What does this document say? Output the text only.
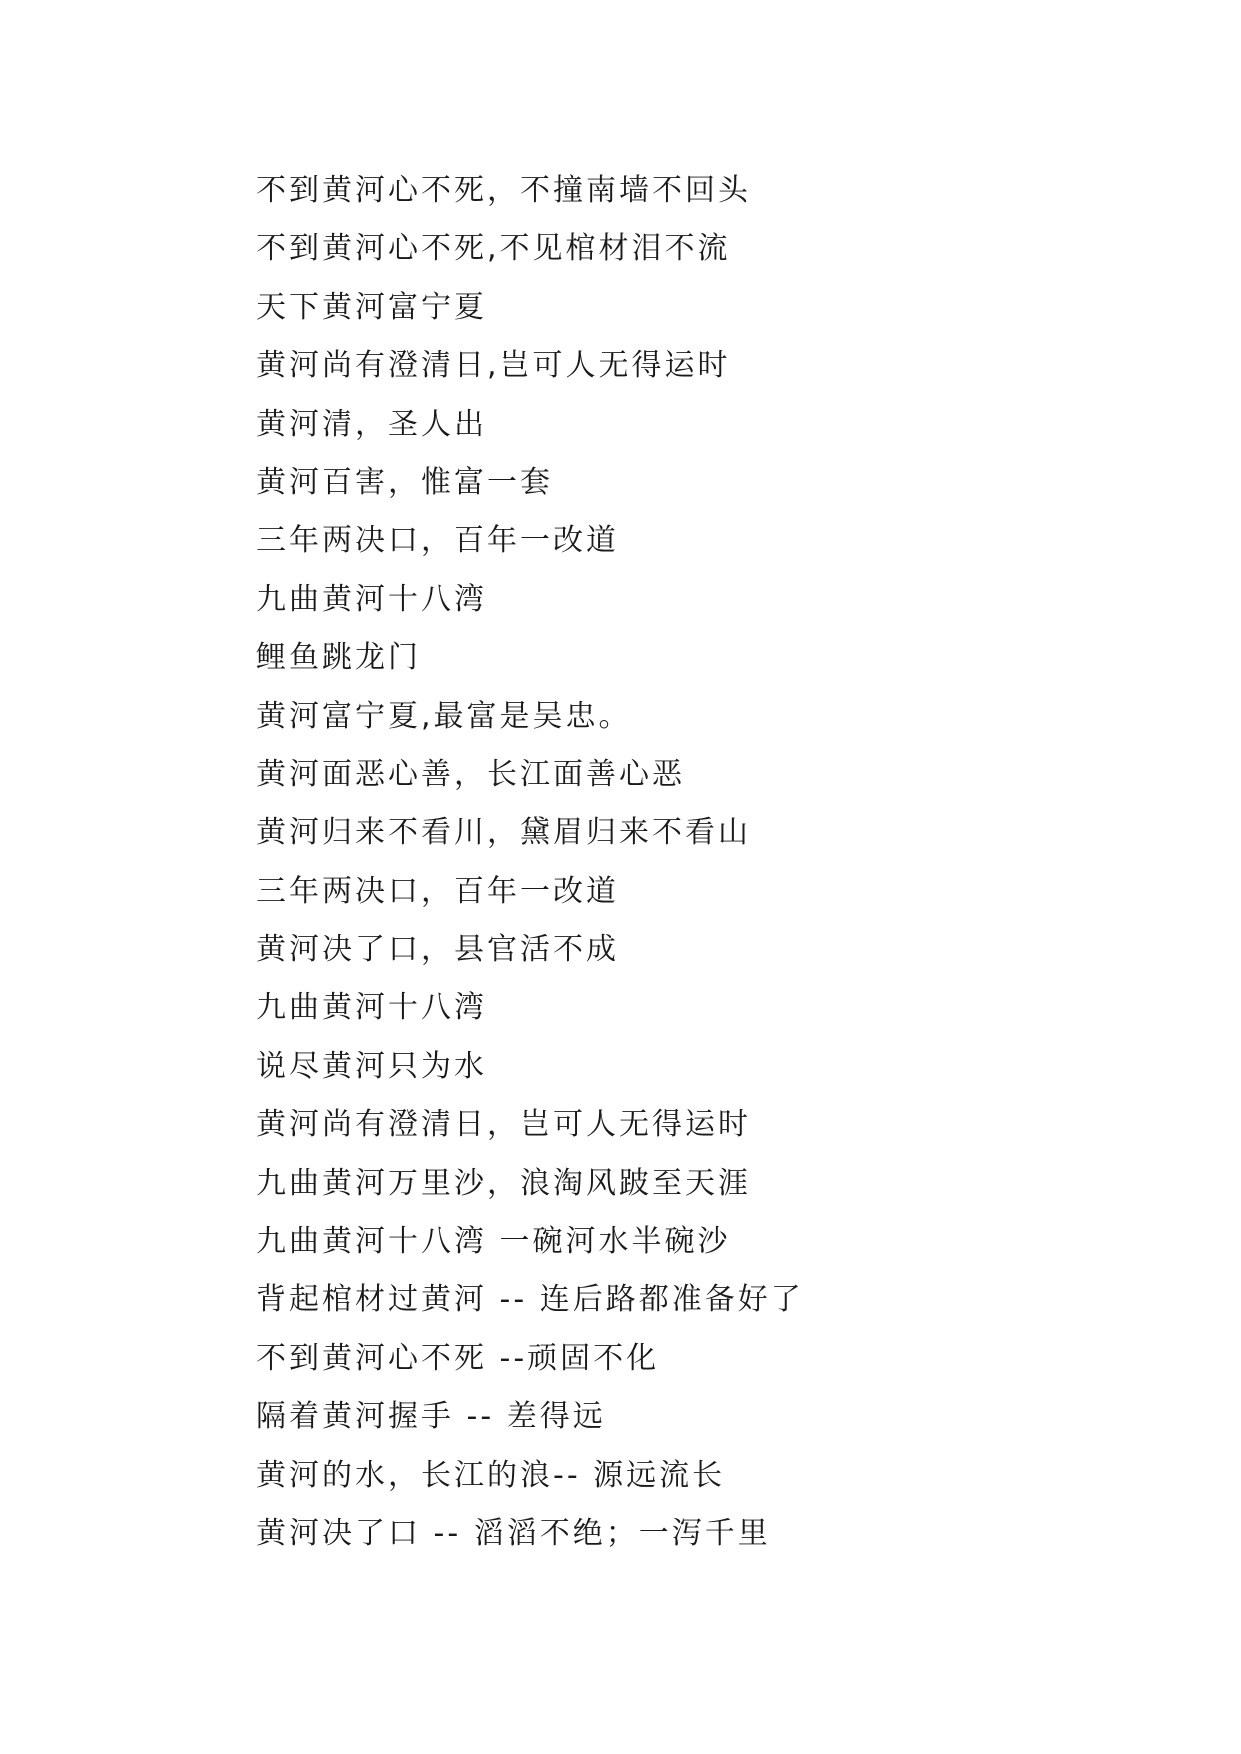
不到黄河心不死，不撞南墙不回头
不到黄河心不死,不见棺材泪不流
天下黄河富宁夏
黄河尚有澄清日,岂可人无得运时
黄河清，圣人出
黄河百害，惟富一套
三年两决口，百年一改道
九曲黄河十八湾
鲤鱼跳龙门
黄河富宁夏,最富是吴忠。
黄河面恶心善，长江面善心恶
黄河归来不看川，黛眉归来不看山
三年两决口，百年一改道
黄河决了口，县官活不成
九曲黄河十八湾
说尽黄河只为水
黄河尚有澄清日，岂可人无得运时
九曲黄河万里沙，浪淘风跛至天涯
九曲黄河十八湾 一碗河水半碗沙
背起棺材过黄河 -- 连后路都准备好了
不到黄河心不死 --顽固不化
隔着黄河握手 -- 差得远
黄河的水，长江的浪-- 源远流长
黄河决了口 -- 滔滔不绝；一泻千里
